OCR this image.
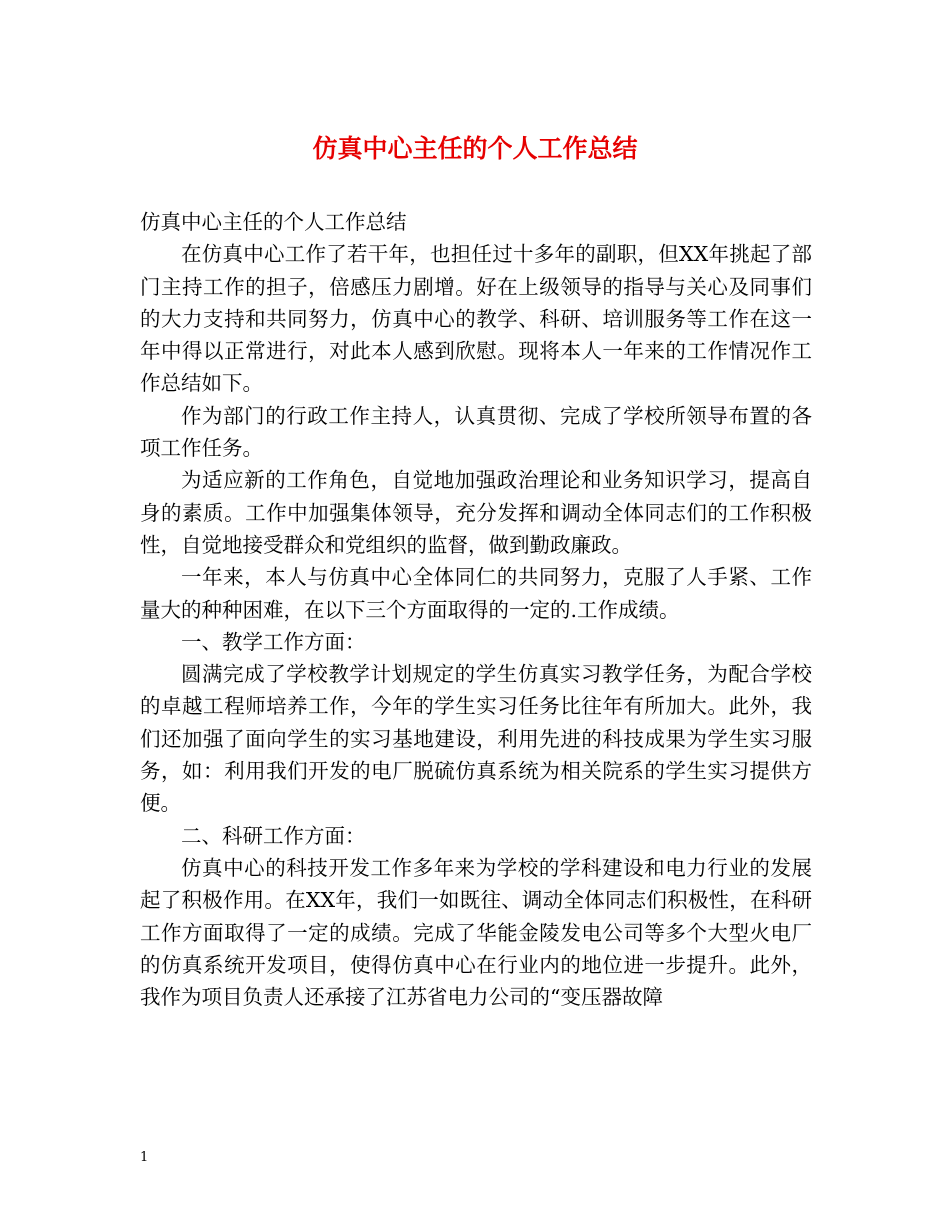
仿真中心主任的个人工作总结

仿真中心主任的个人工作总结

在仿真中心工作了若干年，也担任过十多年的副职，但XX年挑起了部门主持工作的担子，倍感压力剧增。好在上级领导的指导与关心及同事们的大力支持和共同努力，仿真中心的教学、科研、培训服务等工作在这一年中得以正常进行，对此本人感到欣慰。现将本人一年来的工作情况作工作总结如下。

作为部门的行政工作主持人，认真贯彻、完成了学校所领导布置的各项工作任务。

为适应新的工作角色，自觉地加强政治理论和业务知识学习，提高自身的素质。工作中加强集体领导，充分发挥和调动全体同志们的工作积极性，自觉地接受群众和党组织的监督，做到勤政廉政。

一年来，本人与仿真中心全体同仁的共同努力，克服了人手紧、工作量大的种种困难，在以下三个方面取得的一定的.工作成绩。

一、教学工作方面：

圆满完成了学校教学计划规定的学生仿真实习教学任务，为配合学校的卓越工程师培养工作，今年的学生实习任务比往年有所加大。此外，我们还加强了面向学生的实习基地建设，利用先进的科技成果为学生实习服务，如：利用我们开发的电厂脱硫仿真系统为相关院系的学生实习提供方便。

二、科研工作方面：

仿真中心的科技开发工作多年来为学校的学科建设和电力行业的发展起了积极作用。在XX年，我们一如既往、调动全体同志们积极性，在科研工作方面取得了一定的成绩。完成了华能金陵发电公司等多个大型火电厂的仿真系统开发项目，使得仿真中心在行业内的地位进一步提升。此外，我作为项目负责人还承接了江苏省电力公司的“变压器故障

1
